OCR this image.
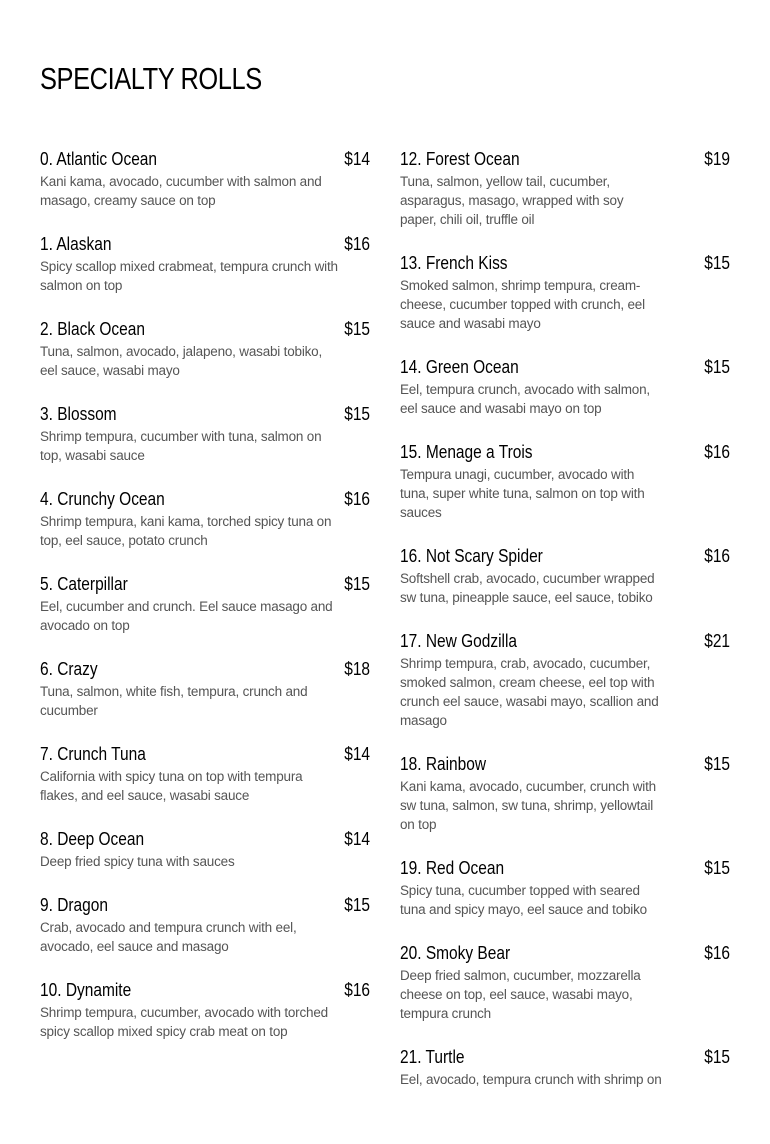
SPECIALTY ROLLS
0. Atlantic Ocean	$14
Kani kama, avocado, cucumber with salmon and masago, creamy sauce on top
1. Alaskan	$16
Spicy scallop mixed crabmeat, tempura crunch with salmon on top
2. Black Ocean	$15
Tuna, salmon, avocado, jalapeno, wasabi tobiko, eel sauce, wasabi mayo
3. Blossom	$15
Shrimp tempura, cucumber with tuna, salmon on top, wasabi sauce
4. Crunchy Ocean	$16
Shrimp tempura, kani kama, torched spicy tuna on top, eel sauce, potato crunch
5. Caterpillar	$15
Eel, cucumber and crunch. Eel sauce masago and avocado on top
6. Crazy	$18
Tuna, salmon, white fish, tempura, crunch and cucumber
7. Crunch Tuna	$14
California with spicy tuna on top with tempura flakes, and eel sauce, wasabi sauce
8. Deep Ocean	$14
Deep fried spicy tuna with sauces
9. Dragon	$15
Crab, avocado and tempura crunch with eel, avocado, eel sauce and masago
10. Dynamite	$16
Shrimp tempura, cucumber, avocado with torched spicy scallop mixed spicy crab meat on top
12. Forest Ocean	$19
Tuna, salmon, yellow tail, cucumber, asparagus, masago, wrapped with soy paper, chili oil, truffle oil
13. French Kiss	$15
Smoked salmon, shrimp tempura, cream-cheese, cucumber topped with crunch, eel sauce and wasabi mayo
14. Green Ocean	$15
Eel, tempura crunch, avocado with salmon, eel sauce and wasabi mayo on top
15. Menage a Trois	$16
Tempura unagi, cucumber, avocado with tuna, super white tuna, salmon on top with sauces
16. Not Scary Spider	$16
Softshell crab, avocado, cucumber wrapped sw tuna, pineapple sauce, eel sauce, tobiko
17. New Godzilla	$21
Shrimp tempura, crab, avocado, cucumber, smoked salmon, cream cheese, eel top with crunch eel sauce, wasabi mayo, scallion and masago
18. Rainbow	$15
Kani kama, avocado, cucumber, crunch with sw tuna, salmon, sw tuna, shrimp, yellowtail on top
19. Red Ocean	$15
Spicy tuna, cucumber topped with seared tuna and spicy mayo, eel sauce and tobiko
20. Smoky Bear	$16
Deep fried salmon, cucumber, mozzarella cheese on top, eel sauce, wasabi mayo, tempura crunch
21. Turtle	$15
Eel, avocado, tempura crunch with shrimp on
